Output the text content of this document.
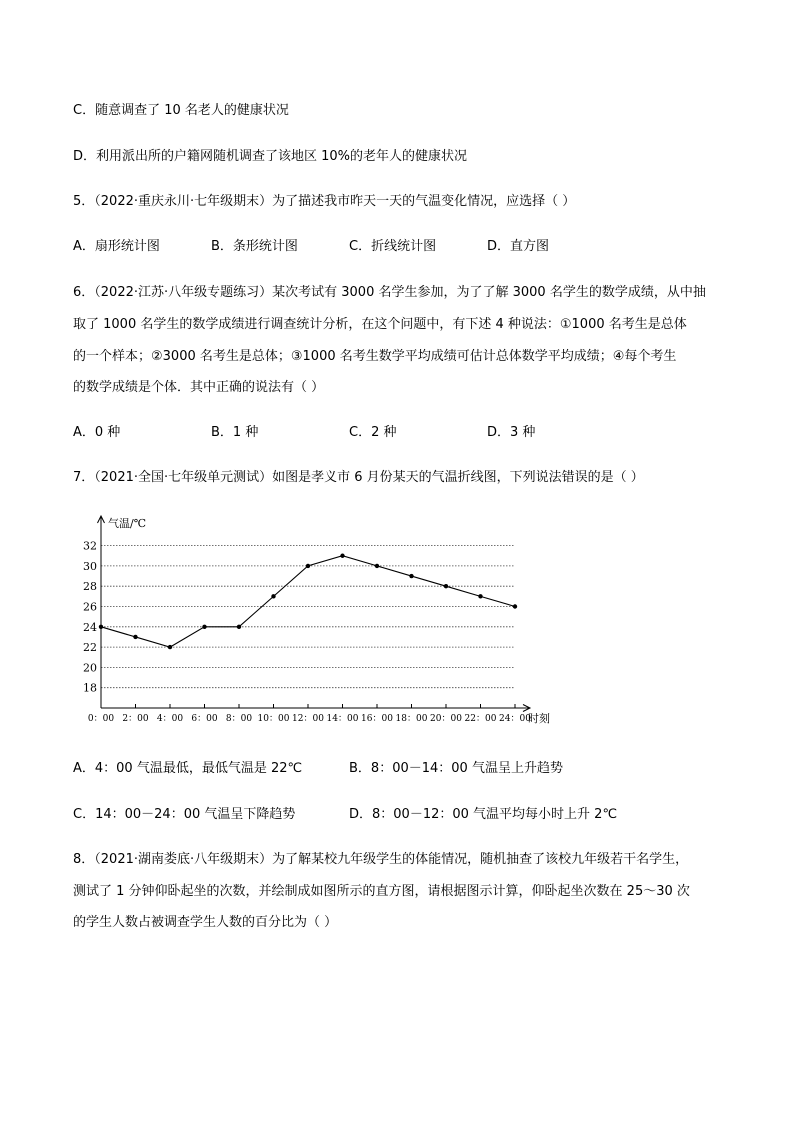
C．随意调查了 10 名老人的健康状况
D．利用派出所的户籍网随机调查了该地区 10%的老年人的健康状况
5．（2022·重庆永川·七年级期末）为了描述我市昨天一天的气温变化情况，应选择（ ）
A．扇形统计图	B．条形统计图	C．折线统计图	D．直方图
6．（2022·江苏·八年级专题练习）某次考试有 3000 名学生参加，为了了解 3000 名学生的数学成绩，从中抽
取了 1000 名学生的数学成绩进行调查统计分析，在这个问题中，有下述 4 种说法：①1000 名考生是总体
的一个样本；②3000 名考生是总体；③1000 名考生数学平均成绩可估计总体数学平均成绩；④每个考生
的数学成绩是个体．其中正确的说法有（ ）
A．0 种	B．1 种	C．2 种	D．3 种
7．（2021·全国·七年级单元测试）如图是孝义市 6 月份某天的气温折线图，下列说法错误的是（ ）
18
20
22
24
26
28
30
32
0：00 2：00 4：00 6：00 8：00 10：00 12：00 14：00 16：00 18：00 20：00 22：00 24：00
气温/℃
时刻
A．4：00 气温最低，最低气温是 22℃	B．8：00－14：00 气温呈上升趋势
C．14：00－24：00 气温呈下降趋势	D．8：00－12：00 气温平均每小时上升 2℃
8．（2021·湖南娄底·八年级期末）为了解某校九年级学生的体能情况，随机抽查了该校九年级若干名学生，
测试了 1 分钟仰卧起坐的次数，并绘制成如图所示的直方图，请根据图示计算，仰卧起坐次数在 25～30 次
的学生人数占被调查学生人数的百分比为（ ）
